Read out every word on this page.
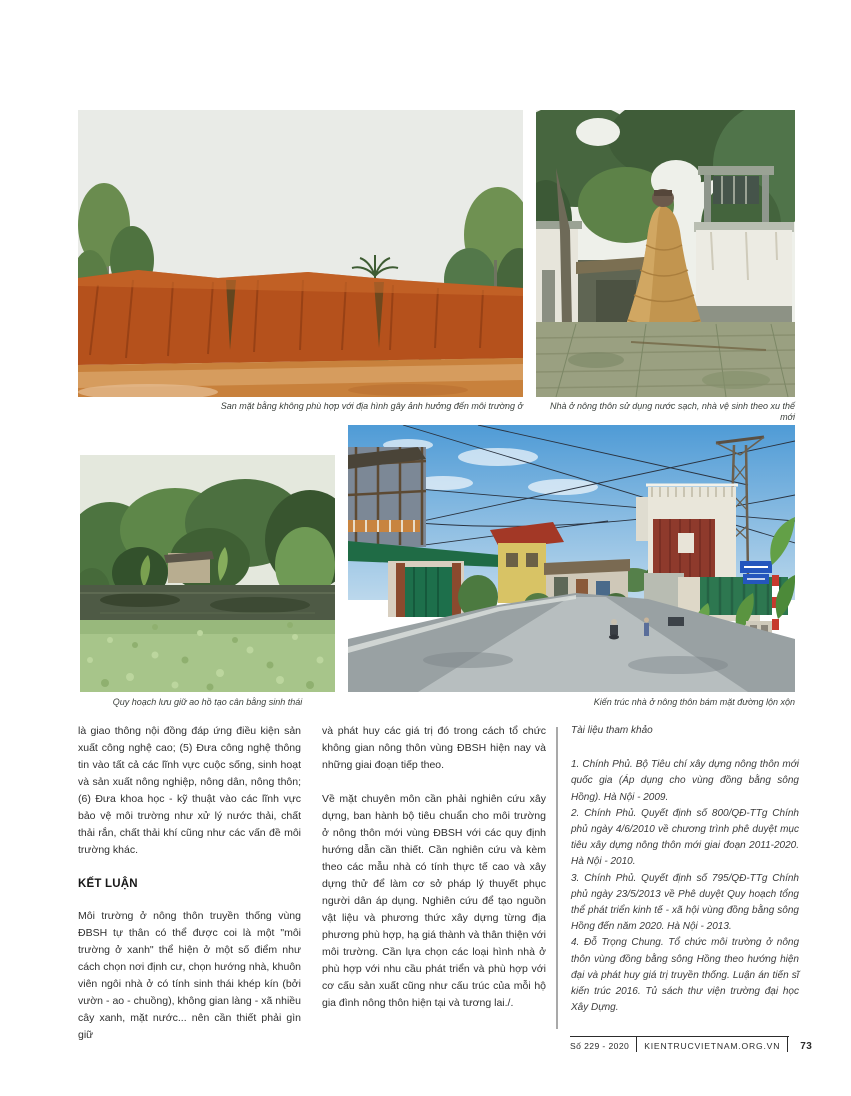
San mặt bằng không phù hợp với địa hình gây ảnh hưởng đến môi trường ở	Nhà ở nông thôn sử dụng nước sạch, nhà vệ sinh theo xu thế mới
Quy hoạch lưu giữ ao hồ tạo cân bằng sinh thái	Kiến trúc nhà ở nông thôn bám mặt đường lộn xộn

là giao thông nội đồng đáp ứng điều kiện sản xuất công nghệ cao; (5) Đưa công nghệ thông tin vào tất cả các lĩnh vực cuộc sống, sinh hoạt và sản xuất nông nghiệp, nông dân, nông thôn; (6) Đưa khoa học - kỹ thuật vào các lĩnh vực bảo vệ môi trường như xử lý nước thải, chất thải rắn, chất thải khí cũng như các vấn đề môi trường khác.

KẾT LUẬN

Môi trường ở nông thôn truyền thống vùng ĐBSH tự thân có thể được coi là một "môi trường ở xanh" thể hiện ở một số điểm như cách chọn nơi định cư, chọn hướng nhà, khuôn viên ngôi nhà ở có tính sinh thái khép kín (bởi vườn - ao - chuồng), không gian làng - xã nhiều cây xanh, mặt nước... nên cần thiết phải gìn giữ

và phát huy các giá trị đó trong cách tổ chức không gian nông thôn vùng ĐBSH hiện nay và những giai đoạn tiếp theo.

Về mặt chuyên môn cần phải nghiên cứu xây dựng, ban hành bộ tiêu chuẩn cho môi trường ở nông thôn mới vùng ĐBSH với các quy định hướng dẫn cần thiết. Cần nghiên cứu và kèm theo các mẫu nhà có tính thực tế cao và xây dựng thử để làm cơ sở pháp lý thuyết phục người dân áp dụng. Nghiên cứu để tạo nguồn vật liệu và phương thức xây dựng từng địa phương phù hợp, hạ giá thành và thân thiện với môi trường. Cần lựa chọn các loại hình nhà ở phù hợp với nhu cầu phát triển và phù hợp với cơ cấu sản xuất cũng như cấu trúc của mỗi hộ gia đình nông thôn hiện tại và tương lai./.

Tài liệu tham khảo

1. Chính Phủ. Bộ Tiêu chí xây dựng nông thôn mới quốc gia (Áp dụng cho vùng đồng bằng sông Hồng). Hà Nội - 2009.

2. Chính Phủ. Quyết định số 800/QĐ-TTg Chính phủ ngày 4/6/2010 về chương trình phê duyệt mục tiêu xây dựng nông thôn mới giai đoạn 2011-2020. Hà Nội - 2010.

3. Chính Phủ. Quyết định số 795/QĐ-TTg Chính phủ ngày 23/5/2013 về Phê duyệt Quy hoạch tổng thể phát triển kinh tế - xã hội vùng đồng bằng sông Hồng đến năm 2020. Hà Nội - 2013.

4. Đỗ Trọng Chung. Tổ chức môi trường ở nông thôn vùng đồng bằng sông Hồng theo hướng hiện đại và phát huy giá trị truyền thống. Luận án tiến sĩ kiến trúc 2016. Tủ sách thư viện trường đại học Xây Dựng.

Số 229 - 2020	KIENTRUCVIETNAM.ORG.VN	73
